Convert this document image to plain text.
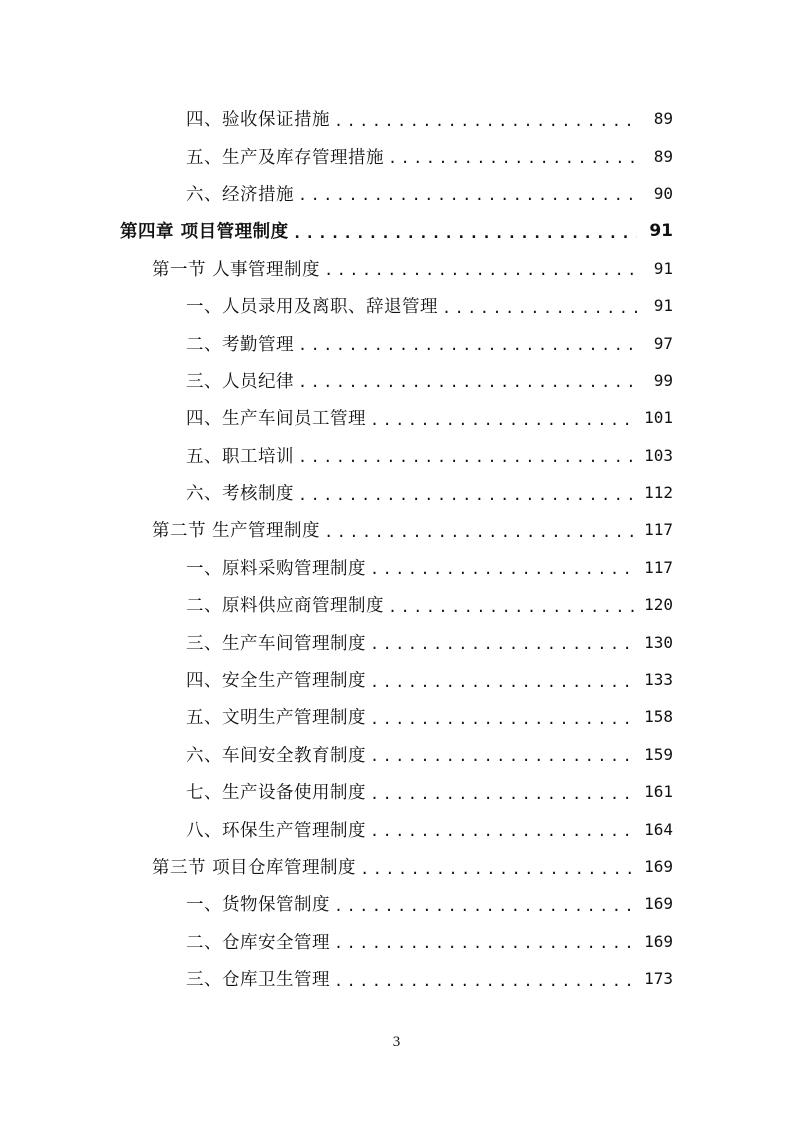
四、验收保证措施 .....	89
五、生产及库存管理措施 .....	89
六、经济措施 .....	90
第四章 项目管理制度 .....	91
第一节 人事管理制度 .....	91
一、人员录用及离职、辞退管理 .....	91
二、考勤管理 .....	97
三、人员纪律 .....	99
四、生产车间员工管理 .....	101
五、职工培训 .....	103
六、考核制度 .....	112
第二节 生产管理制度 .....	117
一、原料采购管理制度 .....	117
二、原料供应商管理制度 .....	120
三、生产车间管理制度 .....	130
四、安全生产管理制度 .....	133
五、文明生产管理制度 .....	158
六、车间安全教育制度 .....	159
七、生产设备使用制度 .....	161
八、环保生产管理制度 .....	164
第三节 项目仓库管理制度 .....	169
一、货物保管制度 .....	169
二、仓库安全管理 .....	169
三、仓库卫生管理 .....	173
3
